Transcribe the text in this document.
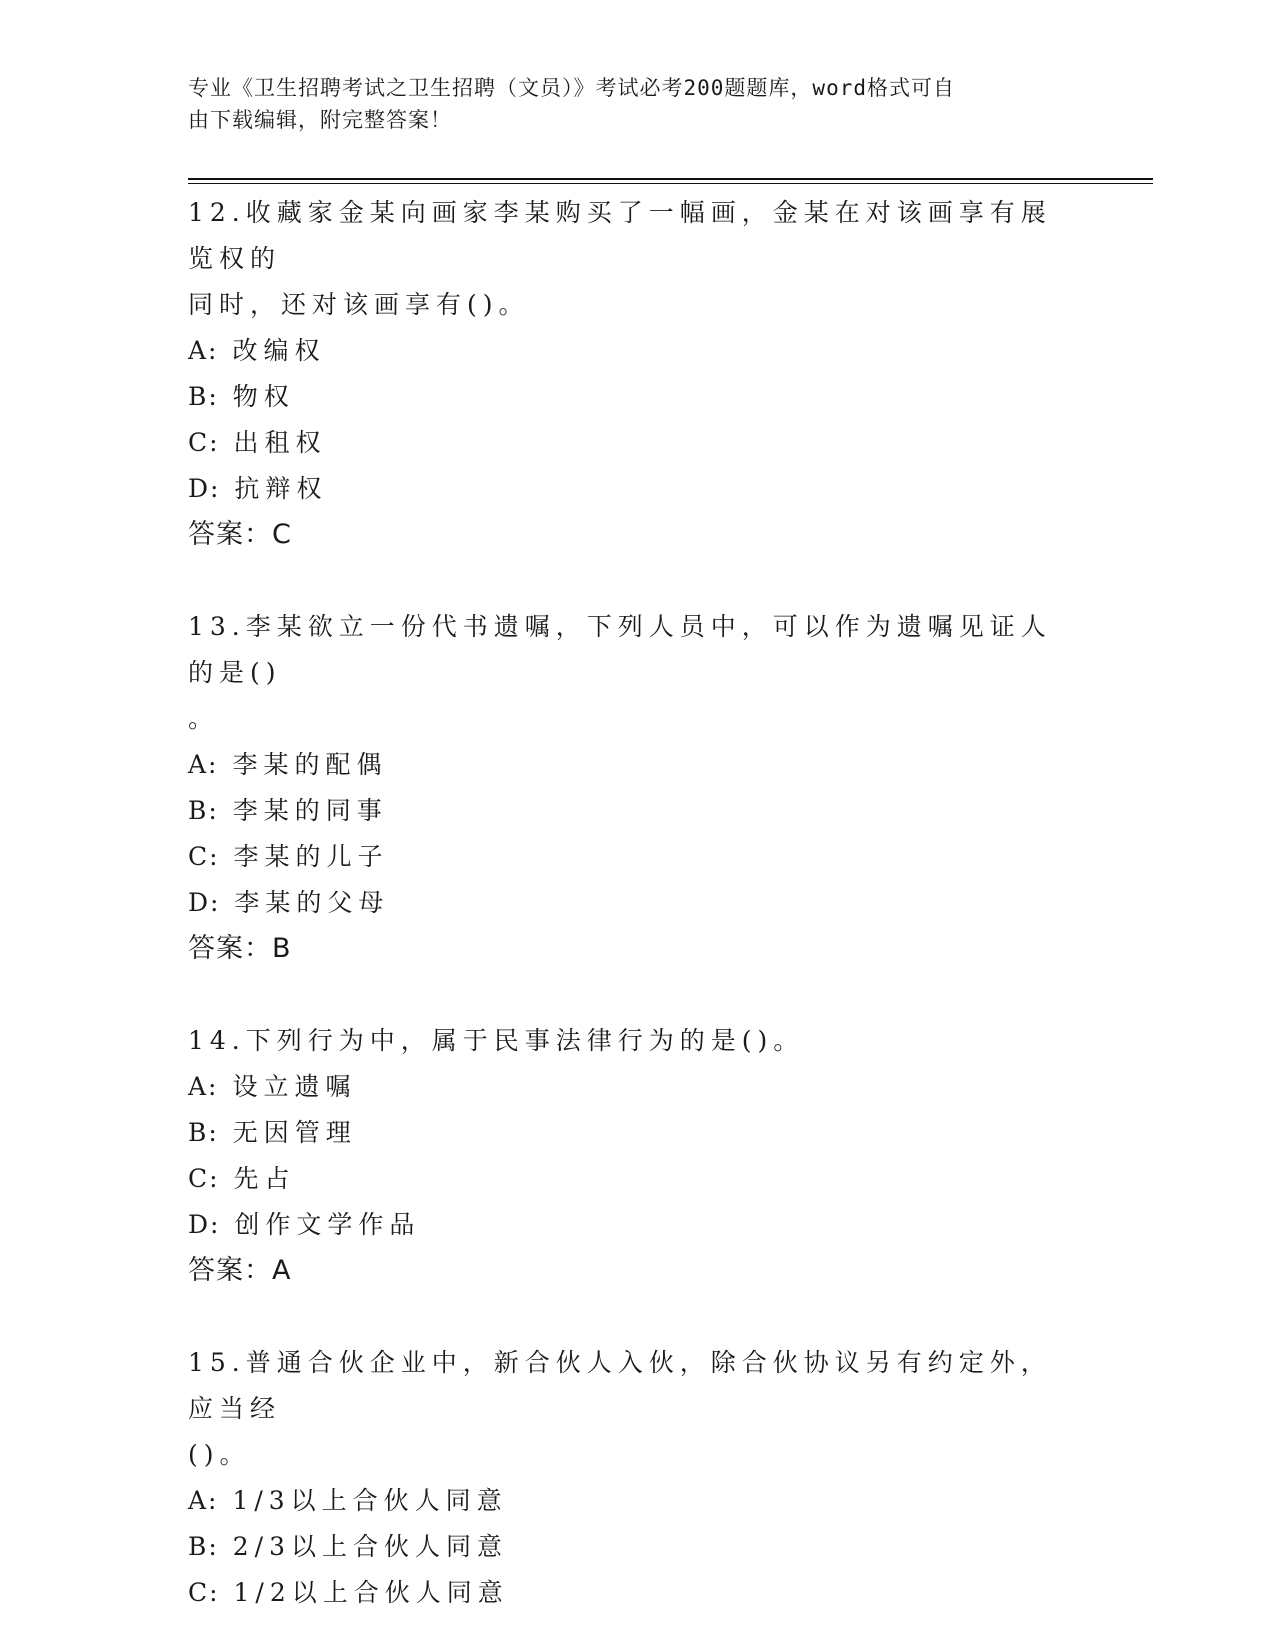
专业《卫生招聘考试之卫生招聘（文员）》考试必考200题题库，word格式可自
由下载编辑，附完整答案！
12.收藏家金某向画家李某购买了一幅画，金某在对该画享有展览权的
同时，还对该画享有()。
A: 改编权
B: 物权
C: 出租权
D: 抗辩权
答案：C
13.李某欲立一份代书遗嘱，下列人员中，可以作为遗嘱见证人的是()
。
A: 李某的配偶
B: 李某的同事
C: 李某的儿子
D: 李某的父母
答案：B
14.下列行为中，属于民事法律行为的是()。
A: 设立遗嘱
B: 无因管理
C: 先占
D: 创作文学作品
答案：A
15.普通合伙企业中，新合伙人入伙，除合伙协议另有约定外，应当经
()。
A: 1/3以上合伙人同意
B: 2/3以上合伙人同意
C: 1/2以上合伙人同意
